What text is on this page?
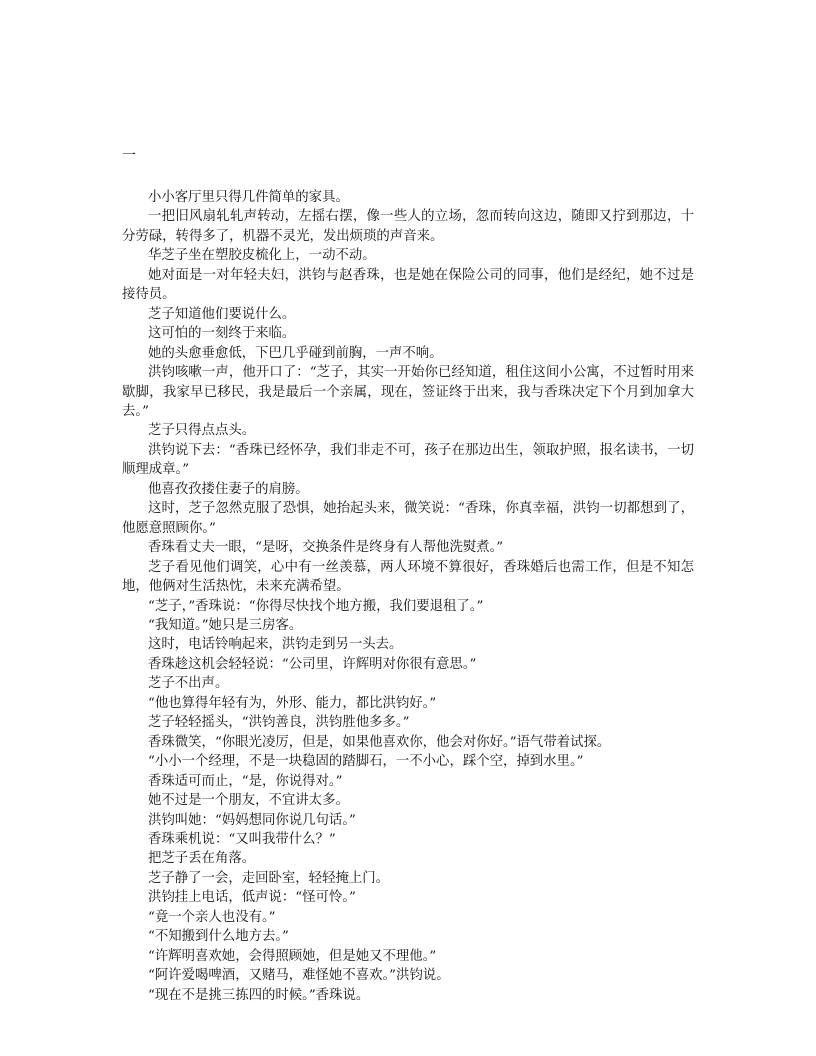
一

小小客厅里只得几件简单的家具。

一把旧风扇轧轧声转动，左摇右摆，像一些人的立场，忽而转向这边，随即又拧到那边，十分劳碌，转得多了，机器不灵光，发出烦琐的声音来。

华芝子坐在塑胶皮梳化上，一动不动。

她对面是一对年轻夫妇，洪钧与赵香珠，也是她在保险公司的同事，他们是经纪，她不过是接待员。

芝子知道他们要说什么。

这可怕的一刻终于来临。

她的头愈垂愈低，下巴几乎碰到前胸，一声不响。

洪钧咳嗽一声，他开口了：“芝子，其实一开始你已经知道，租住这间小公寓，不过暂时用来歇脚，我家早已移民，我是最后一个亲属，现在，签证终于出来，我与香珠决定下个月到加拿大去。”

芝子只得点点头。

洪钧说下去：“香珠已经怀孕，我们非走不可，孩子在那边出生，领取护照，报名读书，一切顺理成章。”

他喜孜孜搂住妻子的肩膀。

这时，芝子忽然克服了恐惧，她抬起头来，微笑说：“香珠，你真幸福，洪钧一切都想到了，他愿意照顾你。”

香珠看丈夫一眼，“是呀，交换条件是终身有人帮他洗熨煮。”

芝子看见他们调笑，心中有一丝羡慕，两人环境不算很好，香珠婚后也需工作，但是不知怎地，他俩对生活热忱，未来充满希望。

“芝子，”香珠说：“你得尽快找个地方搬，我们要退租了。”

“我知道。”她只是三房客。

这时，电话铃响起来，洪钧走到另一头去。

香珠趁这机会轻轻说：“公司里，许辉明对你很有意思。”

芝子不出声。

“他也算得年轻有为，外形、能力，都比洪钧好。”

芝子轻轻摇头，“洪钧善良，洪钧胜他多多。”

香珠微笑，“你眼光凌厉，但是，如果他喜欢你，他会对你好。”语气带着试探。

“小小一个经理，不是一块稳固的踏脚石，一不小心，踩个空，掉到水里。”

香珠适可而止，“是，你说得对。”

她不过是一个朋友，不宜讲太多。

洪钧叫她：“妈妈想同你说几句话。”

香珠乘机说：“又叫我带什么？”

把芝子丢在角落。

芝子静了一会，走回卧室，轻轻掩上门。

洪钧挂上电话，低声说：“怪可怜。”

“竟一个亲人也没有。”

“不知搬到什么地方去。”

“许辉明喜欢她，会得照顾她，但是她又不理他。”

“阿许爱喝啤酒，又赌马，难怪她不喜欢。”洪钧说。

“现在不是挑三拣四的时候。”香珠说。
